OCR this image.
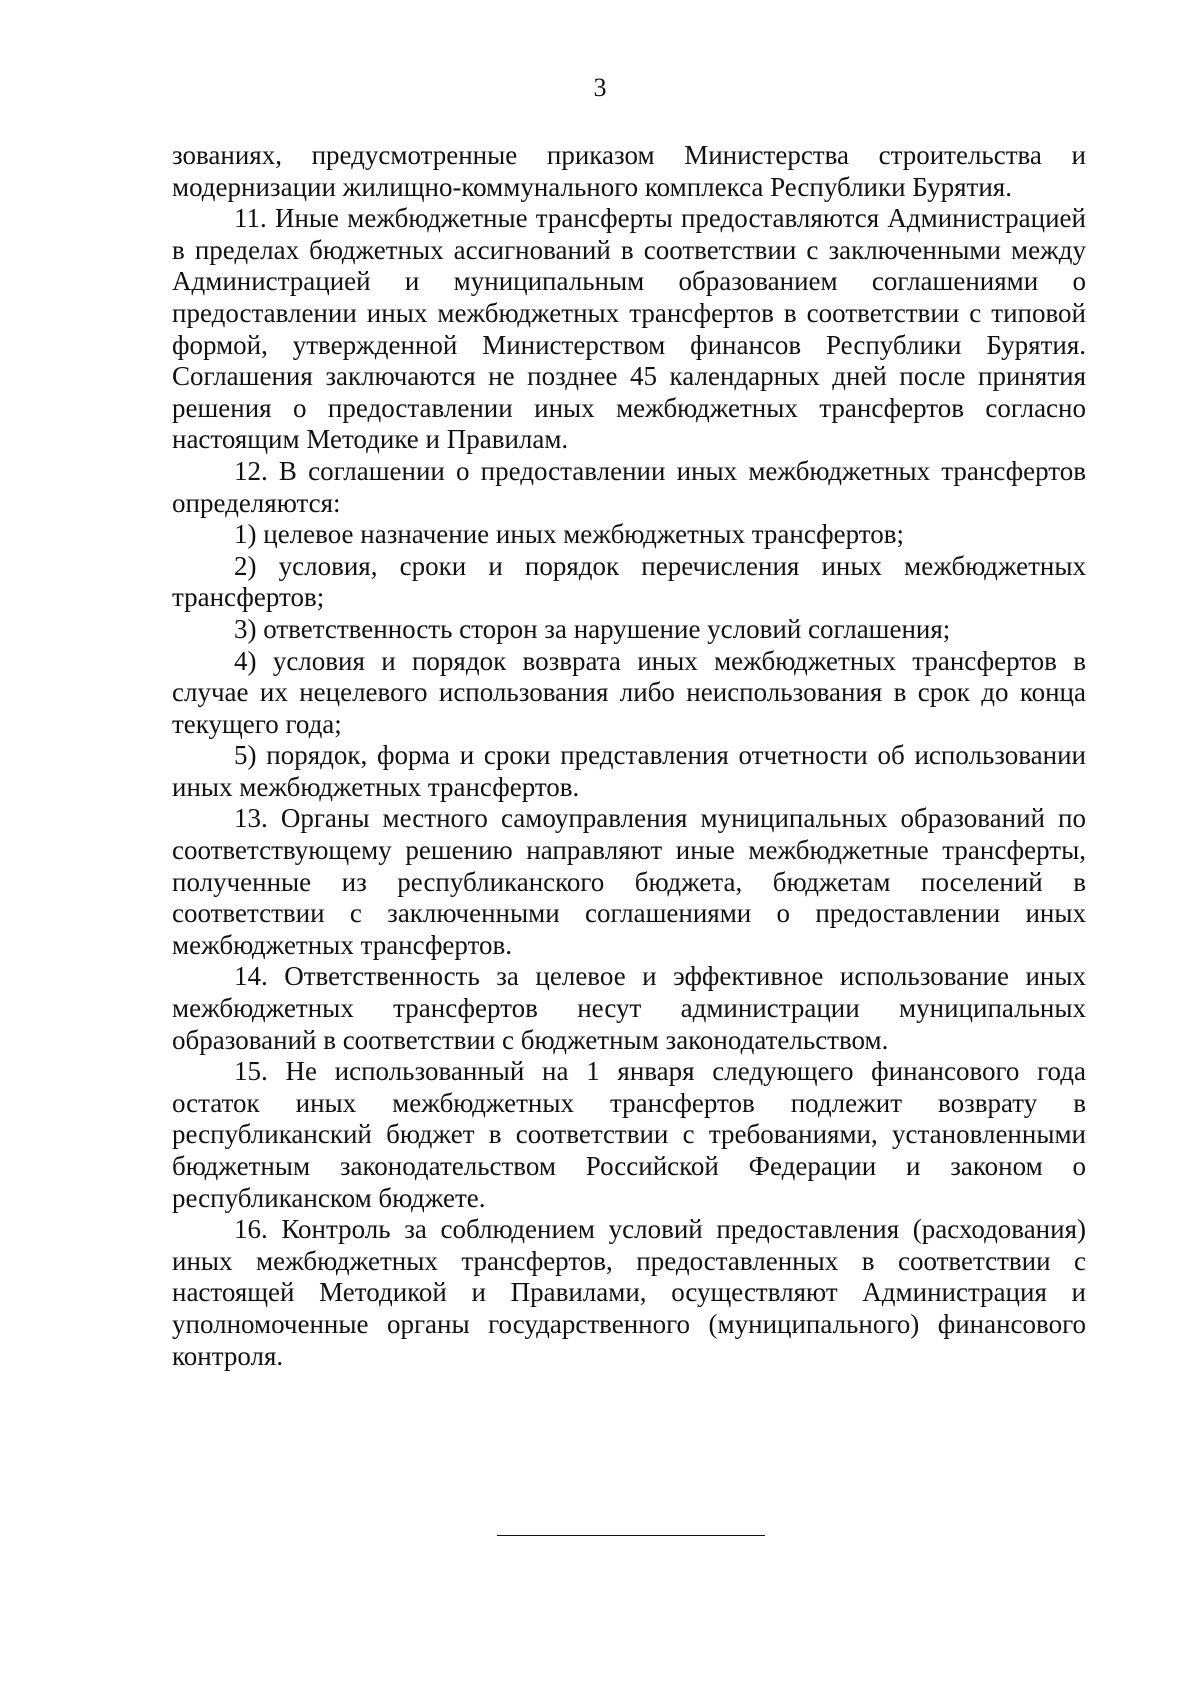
3

зованиях, предусмотренные приказом Министерства строительства и модернизации жилищно-коммунального комплекса Республики Бурятия.

11. Иные межбюджетные трансферты предоставляются Администрацией в пределах бюджетных ассигнований в соответствии с заключенными между Администрацией и муниципальным образованием соглашениями о предоставлении иных межбюджетных трансфертов в соответствии с типовой формой, утвержденной Министерством финансов Республики Бурятия. Соглашения заключаются не позднее 45 календарных дней после принятия решения о предоставлении иных межбюджетных трансфертов согласно настоящим Методике и Правилам.

12. В соглашении о предоставлении иных межбюджетных трансфертов определяются:

1) целевое назначение иных межбюджетных трансфертов;

2) условия, сроки и порядок перечисления иных межбюджетных трансфертов;

3) ответственность сторон за нарушение условий соглашения;

4) условия и порядок возврата иных межбюджетных трансфертов в случае их нецелевого использования либо неиспользования в срок до конца текущего года;

5) порядок, форма и сроки представления отчетности об использовании иных межбюджетных трансфертов.

13. Органы местного самоуправления муниципальных образований по соответствующему решению направляют иные межбюджетные трансферты, полученные из республиканского бюджета, бюджетам поселений в соответствии с заключенными соглашениями о предоставлении иных межбюджетных трансфертов.

14. Ответственность за целевое и эффективное использование иных межбюджетных трансфертов несут администрации муниципальных образований в соответствии с бюджетным законодательством.

15. Не использованный на 1 января следующего финансового года остаток иных межбюджетных трансфертов подлежит возврату в республиканский бюджет в соответствии с требованиями, установленными бюджетным законодательством Российской Федерации и законом о республиканском бюджете.

16. Контроль за соблюдением условий предоставления (расходования) иных межбюджетных трансфертов, предоставленных в соответствии с настоящей Методикой и Правилами, осуществляют Администрация и уполномоченные органы государственного (муниципального) финансового контроля.
